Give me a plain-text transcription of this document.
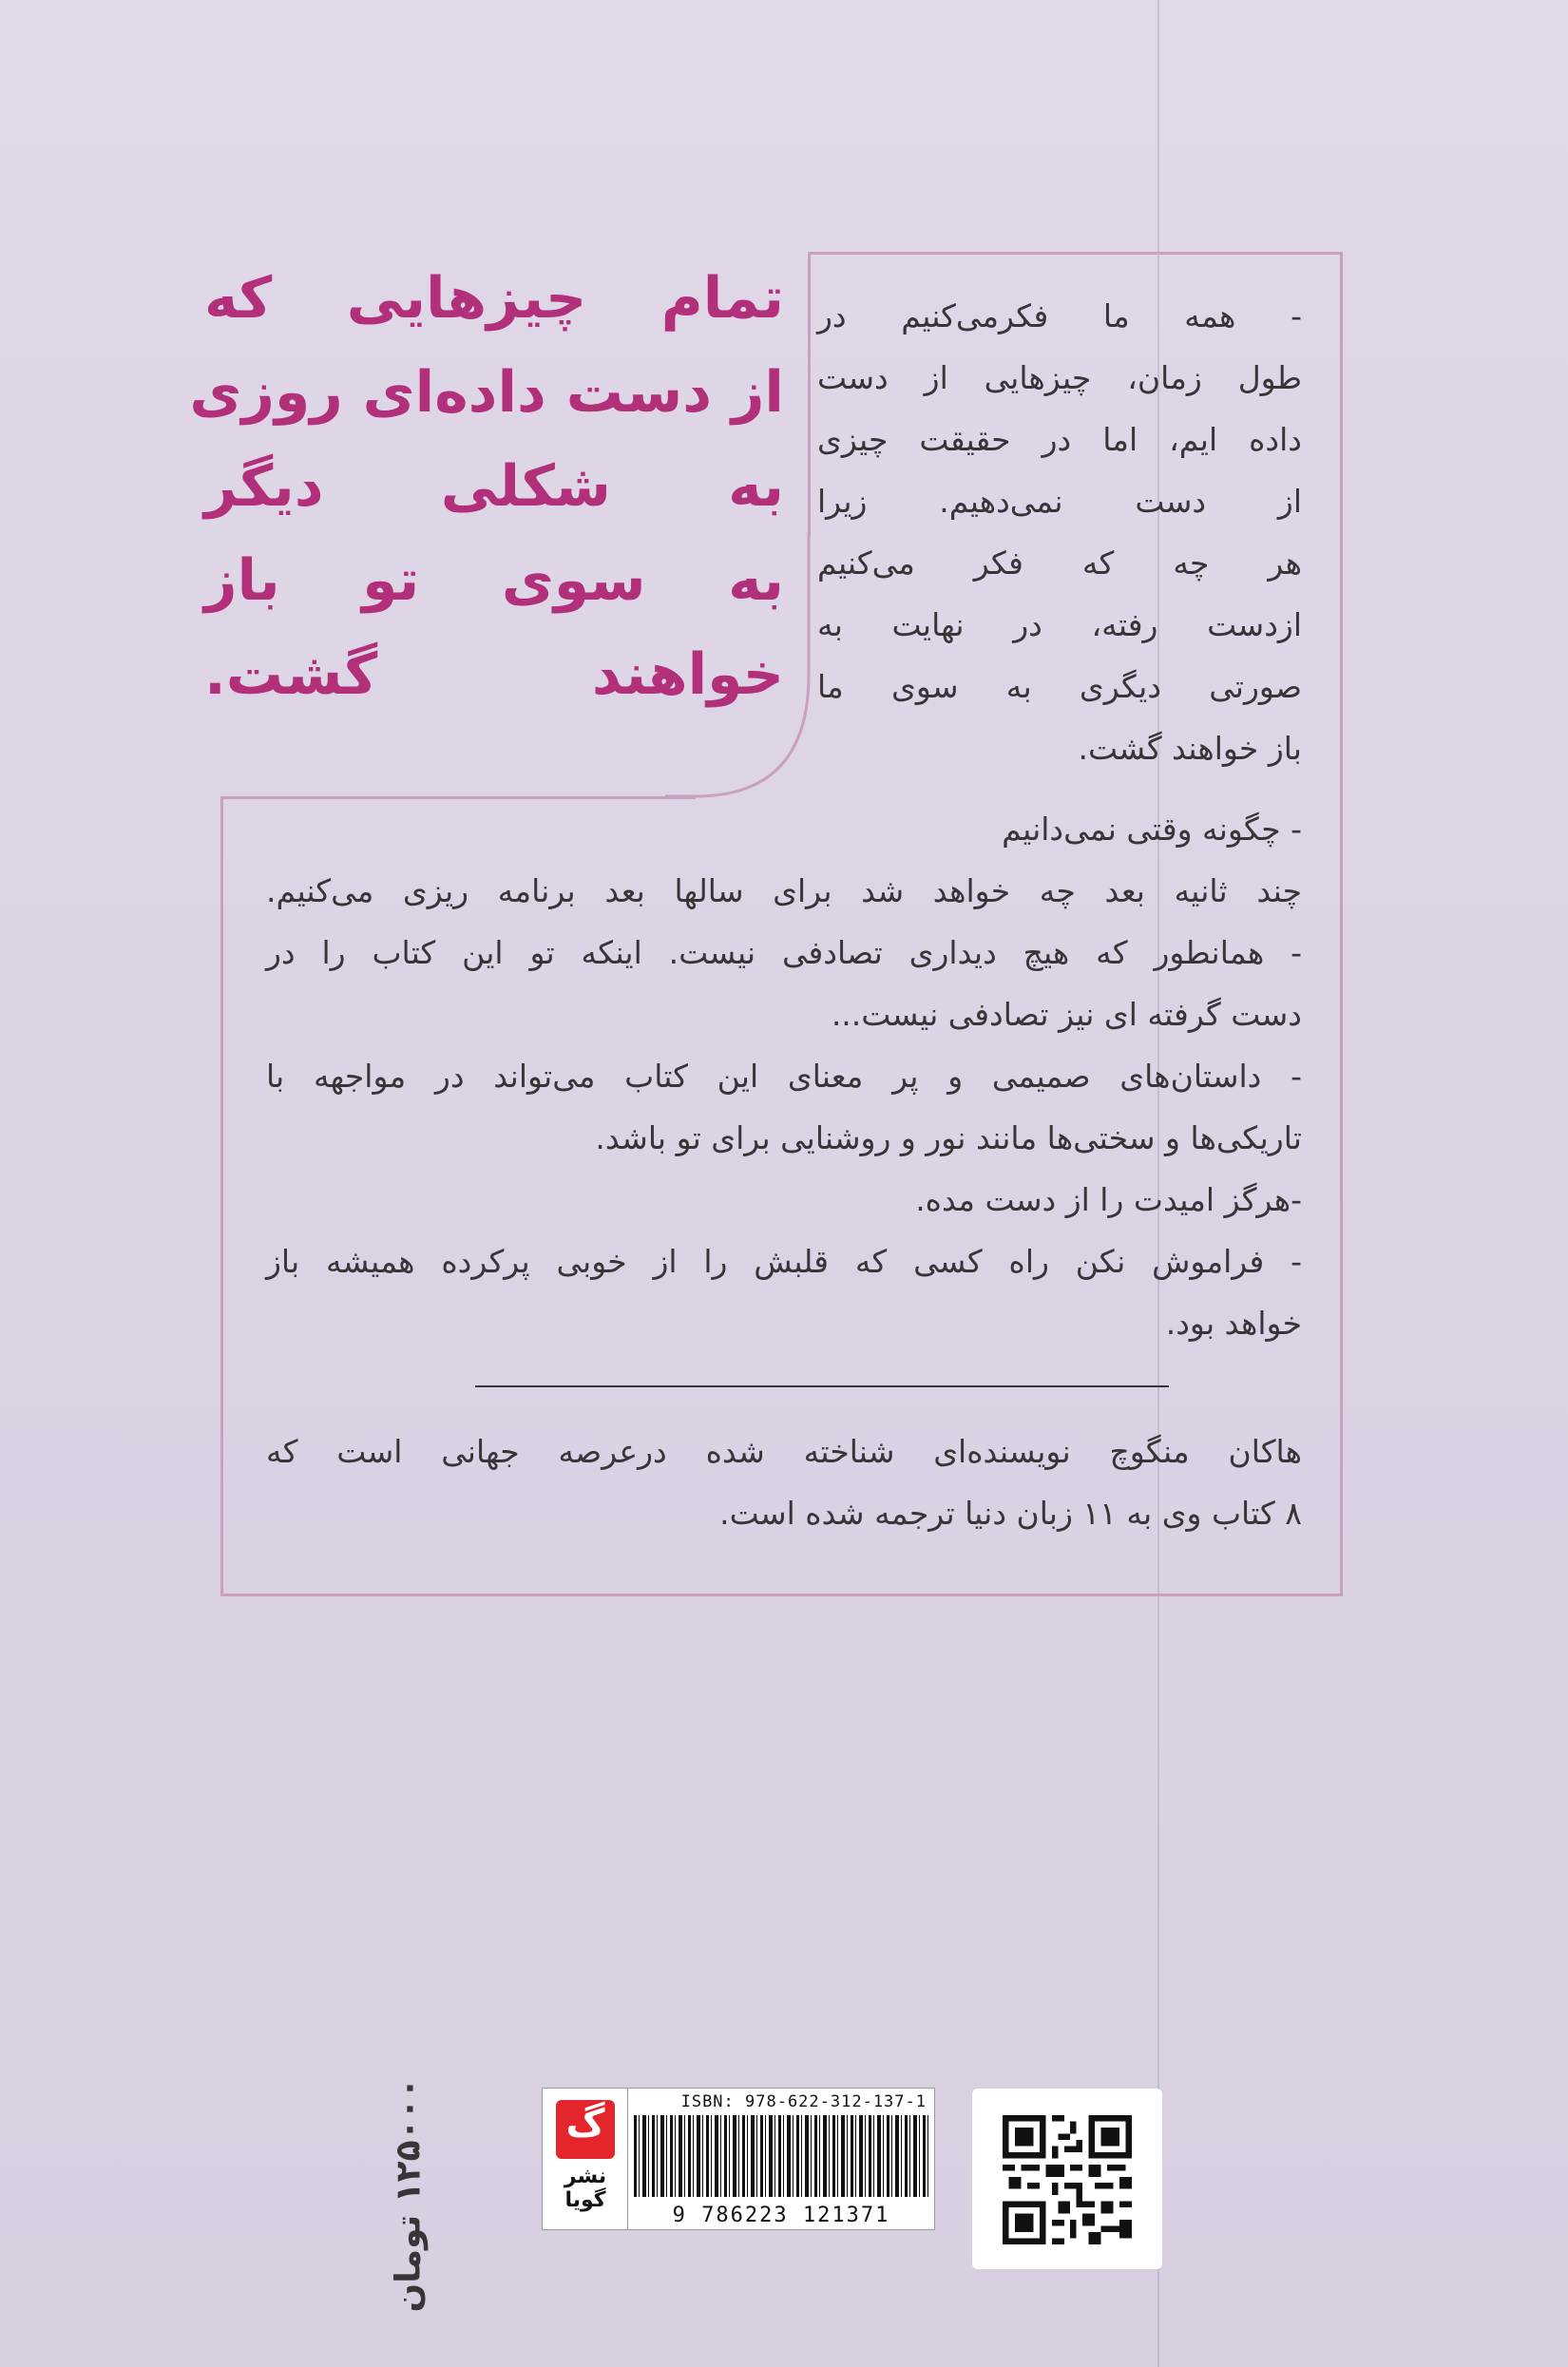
تمام چیزهایی که
از دست داده‌ای روزی
به شکلی دیگر
به سوی تو باز
خواهند گشت.
- همه ما فکرمی‌کنیم در
طول زمان، چیزهایی از دست
داده ایم، اما در حقیقت چیزی
از دست نمی‌دهیم. زیرا
هر چه که فکر می‌کنیم
ازدست رفته، در نهایت به
صورتی دیگری به سوی ما
باز خواهند گشت.
- چگونه وقتی نمی‌دانیم
چند ثانیه بعد چه خواهد شد برای سالها بعد برنامه ریزی می‌کنیم.
- همانطور که هیچ دیداری تصادفی نیست. اینکه تو این کتاب را در
دست گرفته ای نیز تصادفی نیست...
- داستان‌های صمیمی و پر معنای این کتاب می‌تواند در مواجهه با
تاریکی‌ها و سختی‌ها مانند نور و روشنایی برای تو باشد.
-هرگز امیدت را از دست مده.
- فراموش نکن راه کسی که قلبش را از خوبی پرکرده همیشه باز
خواهد بود.
هاکان منگوچ نویسنده‌ای شناخته شده درعرصه جهانی است که
۸ کتاب وی به ۱۱ زبان دنیا ترجمه شده است.
۱۲۵۰۰۰ تومان
گ
نشر گویا
ISBN: 978-622-312-137-1
9 786223 121371
